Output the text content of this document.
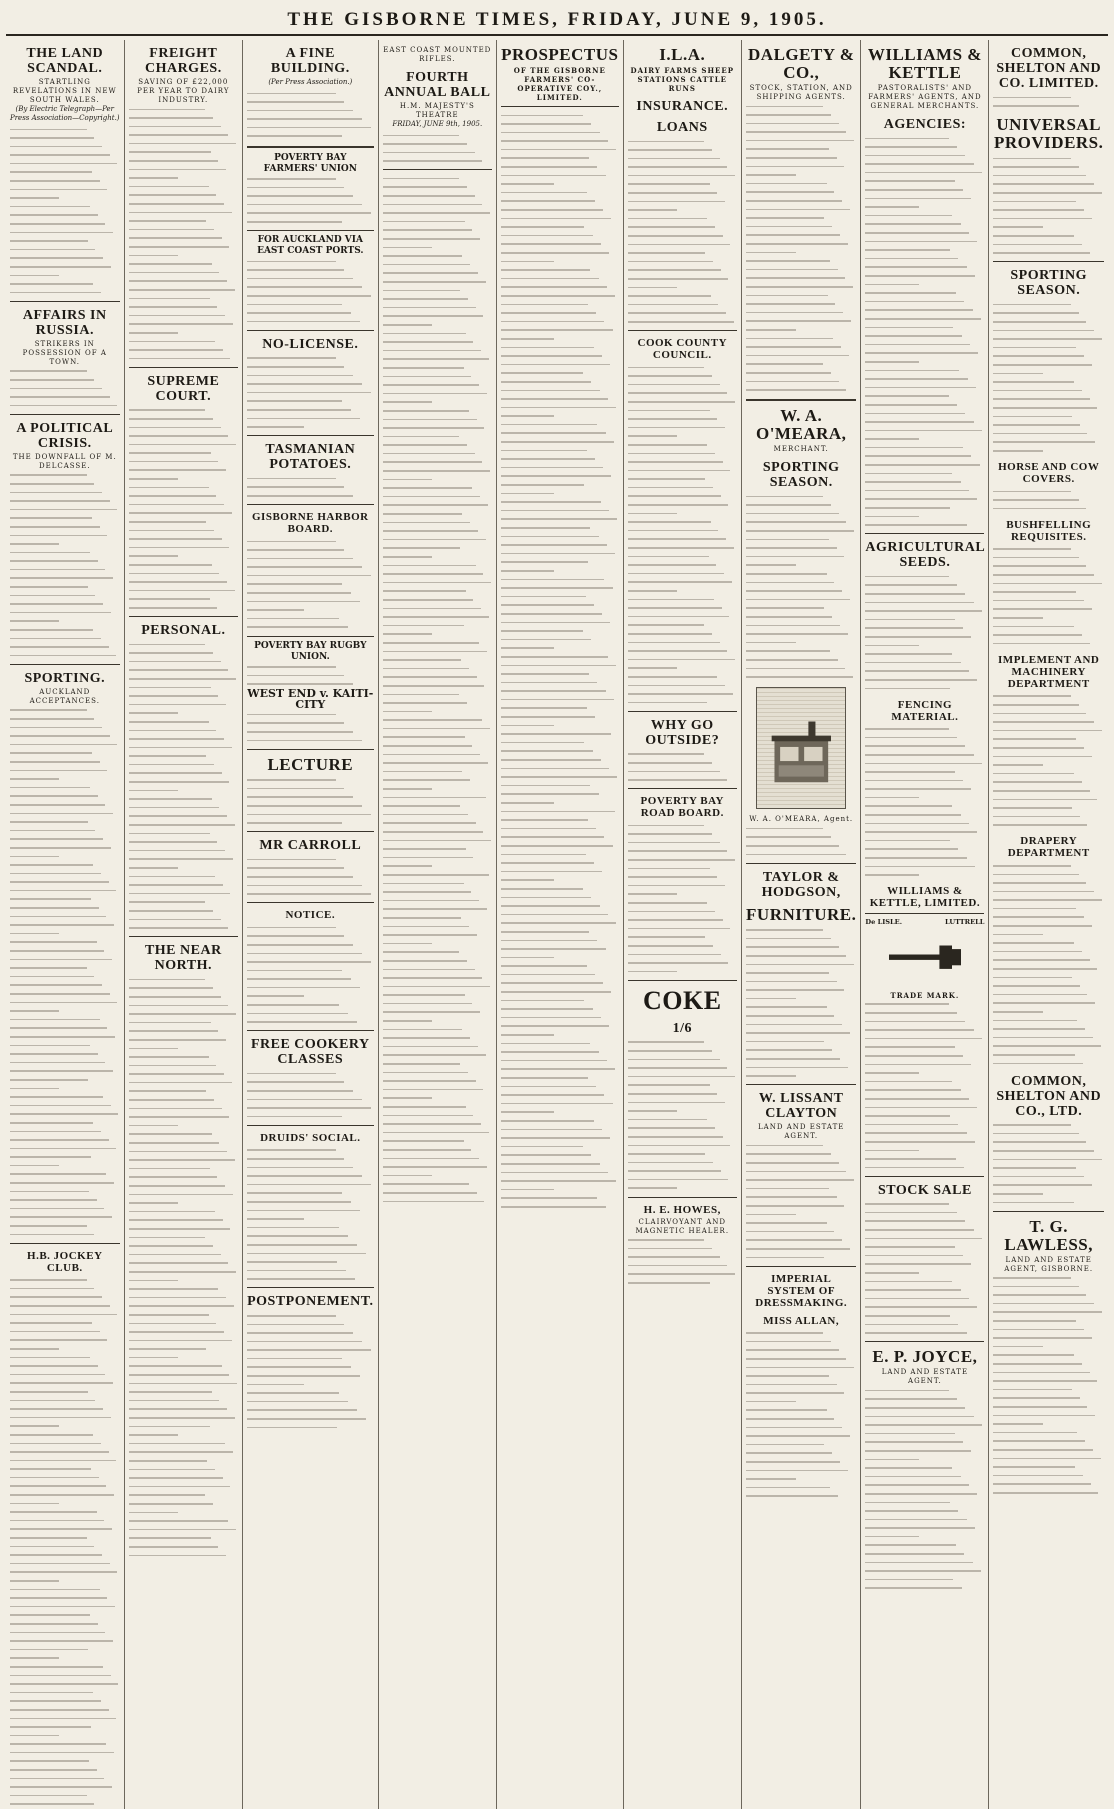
THE GISBORNE TIMES, FRIDAY, JUNE 9, 1905.
THE LAND SCANDAL.
STARTLING REVELATIONS IN NEW SOUTH WALES.
(By Electric Telegraph—Per Press Association—Copyright.)
AFFAIRS IN RUSSIA.
STRIKERS IN POSSESSION OF A TOWN.
A POLITICAL CRISIS.
THE DOWNFALL OF M. DELCASSE.
SPORTING.
AUCKLAND ACCEPTANCES.
H.B. JOCKEY CLUB.
FREIGHT CHARGES.
SAVING OF £22,000 PER YEAR TO DAIRY INDUSTRY.
SUPREME COURT.
PERSONAL.
THE NEAR NORTH.
A FINE BUILDING.
(Per Press Association.)
POVERTY BAY FARMERS' UNION
FOR AUCKLAND VIA EAST COAST PORTS.
NO-LICENSE.
TASMANIAN POTATOES.
GISBORNE HARBOR BOARD.
POVERTY BAY RUGBY UNION.
WEST END v. KAITI-CITY
LECTURE
MR CARROLL
NOTICE.
FREE COOKERY CLASSES
DRUIDS' SOCIAL.
POSTPONEMENT.
EAST COAST MOUNTED RIFLES.
FOURTH ANNUAL BALL
H.M. MAJESTY'S THEATRE
FRIDAY, JUNE 9th, 1905.
PROSPECTUS
OF THE GISBORNE FARMERS' CO-OPERATIVE COY., LIMITED.
I.L.A.
DAIRY FARMS SHEEP STATIONS CATTLE RUNS
INSURANCE.
LOANS
COOK COUNTY COUNCIL.
WHY GO OUTSIDE?
POVERTY BAY ROAD BOARD.
COKE
1/6
H. E. HOWES,
CLAIRVOYANT AND MAGNETIC HEALER.
DALGETY & CO.,
STOCK, STATION, AND SHIPPING AGENTS.
W. A. O'MEARA,
MERCHANT.
SPORTING SEASON.
W. A. O'MEARA, Agent.
TAYLOR & HODGSON,
FURNITURE.
W. LISSANT CLAYTON
LAND AND ESTATE AGENT.
IMPERIAL SYSTEM OF DRESSMAKING.
MISS ALLAN,
WILLIAMS & KETTLE
PASTORALISTS' AND FARMERS' AGENTS, AND GENERAL MERCHANTS.
AGENCIES:
AGRICULTURAL SEEDS.
FENCING MATERIAL.
WILLIAMS & KETTLE, LIMITED.
De LISLE.	LUTTRELL
TRADE MARK.
STOCK SALE
E. P. JOYCE,
LAND AND ESTATE AGENT.
COMMON, SHELTON AND CO. LIMITED.
UNIVERSAL PROVIDERS.
SPORTING SEASON.
HORSE AND COW COVERS.
BUSHFELLING REQUISITES.
IMPLEMENT AND MACHINERY DEPARTMENT
DRAPERY DEPARTMENT
COMMON, SHELTON AND CO., LTD.
T. G. LAWLESS,
LAND AND ESTATE AGENT, GISBORNE.
